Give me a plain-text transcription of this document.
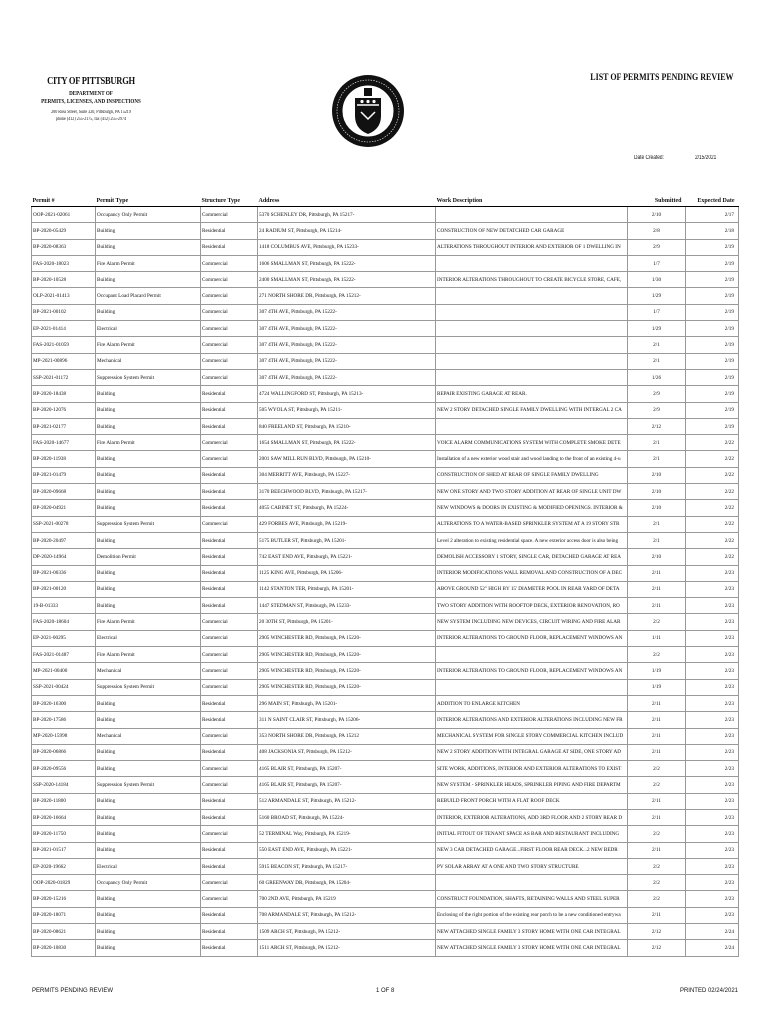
CITY OF PITTSBURGH
DEPARTMENT OF
PERMITS, LICENSES, AND INSPECTIONS
200 Ross Street, Suite 320, Pittsburgh, PA 15219
phone (412) 255-2175, fax (412) 255-2974
LIST OF PERMITS PENDING REVIEW
Date Created:	2/15/2021
Permit #	Permit Type	Structure Type	Address	Work Description	Submitted	Expected Date
OOP-2021-02061	Occupancy Only Permit	Commercial	5370 SCHENLEY DR, Pittsburgh, PA 15217-		2/10	2/17
BP-2020-05429	Building	Residential	24 RADIUM ST, Pittsburgh, PA 15214-	CONSTRUCTION OF NEW DETATCHED CAR GARAGE	2/8	2/18
BP-2020-08363	Building	Residential	1418 COLUMBUS AVE, Pittsburgh, PA 15233-	ALTERATIONS THROUGHOUT INTERIOR AND EXTERIOR OF 1 DWELLING IN	2/9	2/19
FAS-2020-18023	Fire Alarm Permit	Commercial	1606 SMALLMAN ST, Pittsburgh, PA 15222-		1/7	2/19
BP-2020-10528	Building	Commercial	2400 SMALLMAN ST, Pittsburgh, PA 15222-	INTERIOR ALTERATIONS THROUGHOUT TO CREATE BICYCLE STORE, CAFE,	1/30	2/19
OLP-2021-01413	Occupant Load Placard Permit	Commercial	271 NORTH SHORE DR, Pittsburgh, PA 15212-		1/29	2/19
BP-2021-00102	Building	Commercial	307 4TH AVE, Pittsburgh, PA 15222-		1/7	2/19
EP-2021-01414	Electrical	Commercial	307 4TH AVE, Pittsburgh, PA 15222-		1/29	2/19
FAS-2021-01059	Fire Alarm Permit	Commercial	307 4TH AVE, Pittsburgh, PA 15222-		2/1	2/19
MP-2021-00896	Mechanical	Commercial	307 4TH AVE, Pittsburgh, PA 15222-		2/1	2/19
SSP-2021-01172	Suppression System Permit	Commercial	307 4TH AVE, Pittsburgh, PA 15222-		1/26	2/19
BP-2020-18438	Building	Residential	4724 WALLINGFORD ST, Pittsburgh, PA 15213-	REPAIR EXISTING GARAGE AT REAR.	2/9	2/19
BP-2020-12076	Building	Residential	505 WYOLA ST, Pittsburgh, PA 15211-	NEW 2 STORY DETACHED SINGLE FAMILY DWELLING WITH INTERGAL 2 CA	2/9	2/19
BP-2021-02177	Building	Residential	840 FREELAND ST, Pittsburgh, PA 15210-		2/12	2/19
FAS-2020-14677	Fire Alarm Permit	Commercial	1654 SMALLMAN ST, Pittsburgh, PA 15222-	VOICE ALARM COMMUNICATIONS SYSTEM WITH COMPLETE SMOKE DETE	2/1	2/22
BP-2020-11938	Building	Commercial	2001 SAW MILL RUN BLVD, Pittsburgh, PA 15210-	Installation of a new exterior wood stair and wood landing to the front of an existing 4-u	2/1	2/22
BP-2021-01479	Building	Residential	304 MERRITT AVE, Pittsburgh, PA 15227-	CONSTRUCTION OF SHED AT REAR OF SINGLE FAMILY DWELLING	2/10	2/22
BP-2020-09668	Building	Residential	3170 BEECHWOOD BLVD, Pittsburgh, PA 15217-	NEW ONE STORY AND TWO STORY ADDITION AT REAR OF SINGLE UNIT DW	2/10	2/22
BP-2020-04921	Building	Residential	4055 CABINET ST, Pittsburgh, PA 15224-	NEW WINDOWS & DOORS IN EXISTING & MODIFIED OPENINGS. INTERIOR &	2/10	2/22
SSP-2021-00278	Suppression System Permit	Commercial	429 FORBES AVE, Pittsburgh, PA 15219-	ALTERATIONS TO A WATER-BASED SPRINKLER SYSTEM AT A 19 STORY STR	2/1	2/22
BP-2020-20497	Building	Residential	5175 BUTLER ST, Pittsburgh, PA 15201-	Level 2 alteration to existing residential space. A new exterior access door is also being	2/1	2/22
DP-2020-14964	Demolition Permit	Residential	742 EAST END AVE, Pittsburgh, PA 15221-	DEMOLISH ACCESSORY 1 STORY, SINGLE CAR, DETACHED GARAGE AT REA	2/10	2/22
BP-2021-00336	Building	Residential	1125 KING AVE, Pittsburgh, PA 15206-	INTERIOR MODIFICATIONS WALL REMOVAL AND CONSTRUCTION OF A DEC	2/11	2/23
BP-2021-00120	Building	Residential	1142 STANTON TER, Pittsburgh, PA 15201-	ABOVE GROUND 52" HIGH BY 15' DIAMETER POOL IN REAR YARD OF DETA	2/11	2/23
19-B-01333	Building	Residential	1447 STEDMAN ST, Pittsburgh, PA 15233-	TWO STORY ADDITION WITH ROOFTOP DECK, EXTERIOR RENOVATION, RO	2/11	2/23
FAS-2020-18604	Fire Alarm Permit	Commercial	20 30TH ST, Pittsburgh, PA 15201-	NEW SYSTEM INCLUDING NEW DEVICES, CIRCUIT WIRING AND FIRE ALAR	2/2	2/23
EP-2021-00295	Electrical	Commercial	2905 WINCHESTER RD, Pittsburgh, PA 15220-	INTERIOR ALTERATIONS TO GROUND FLOOR, REPLACEMENT WINDOWS AN	1/11	2/23
FAS-2021-01487	Fire Alarm Permit	Commercial	2905 WINCHESTER RD, Pittsburgh, PA 15220-		2/2	2/23
MP-2021-00400	Mechanical	Commercial	2905 WINCHESTER RD, Pittsburgh, PA 15220-	INTERIOR ALTERATIONS TO GROUND FLOOR, REPLACEMENT WINDOWS AN	1/19	2/23
SSP-2021-00424	Suppression System Permit	Commercial	2905 WINCHESTER RD, Pittsburgh, PA 15220-		1/19	2/23
BP-2020-16300	Building	Residential	296 MAIN ST, Pittsburgh, PA 15201-	ADDITION TO ENLARGE KITCHEN	2/11	2/23
BP-2020-17586	Building	Residential	311 N SAINT CLAIR ST, Pittsburgh, PA 15206-	INTERIOR ALTERATIONS AND EXTERIOR ALTERATIONS INCLUDING NEW FR	2/11	2/23
MP-2020-15998	Mechanical	Commercial	353 NORTH SHORE DR, Pittsburgh, PA 15212	MECHANICAL SYSTEM FOR SINGLE STORY COMMERCIAL KITCHEN INCLUD	2/11	2/23
BP-2020-06866	Building	Residential	408 JACKSONIA ST, Pittsburgh, PA 15212-	NEW 2 STORY ADDITION WITH INTEGRAL GARAGE AT SIDE, ONE STORY AD	2/11	2/23
BP-2020-09556	Building	Commercial	4165 BLAIR ST, Pittsburgh, PA 15207-	SITE WORK, ADDITIONS, INTERIOR AND EXTERIOR ALTERATIONS TO EXIST	2/2	2/23
SSP-2020-14184	Suppression System Permit	Commercial	4165 BLAIR ST, Pittsburgh, PA 15207-	NEW SYSTEM - SPRINKLER HEADS, SPRINKLER PIPING AND FIRE DEPARTM	2/2	2/23
BP-2020-11800	Building	Residential	512 ARMANDALE ST, Pittsburgh, PA 15212-	REBUILD FRONT PORCH WITH A FLAT ROOF DECK	2/11	2/23
BP-2020-16664	Building	Residential	5160 BROAD ST, Pittsburgh, PA 15224-	INTERIOR, EXTERIOR ALTERATIONS, ADD 3RD FLOOR AND 2 STORY REAR D	2/11	2/23
BP-2020-11750	Building	Commercial	52 TERMINAL Way, Pittsburgh, PA 15219-	INITIAL FITOUT OF TENANT SPACE AS BAR AND RESTAURANT INCLUDING	2/2	2/23
BP-2021-01517	Building	Residential	550 EAST END AVE, Pittsburgh, PA 15221-	NEW 3 CAR DETACHED GARAGE...FIRST FLOOR REAR DECK...2 NEW BEDR	2/11	2/23
EP-2020-19662	Electrical	Residential	5915 BEACON ST, Pittsburgh, PA 15217-	PV SOLAR ARRAY AT A ONE AND TWO STORY STRUCTURE	2/2	2/23
OOP-2020-01829	Occupancy Only Permit	Commercial	60 GREENWAY DR, Pittsburgh, PA 15204-		2/2	2/23
BP-2020-15216	Building	Commercial	700 2ND AVE, Pittsburgh, PA 15219	CONSTRUCT FOUNDATION, SHAFTS, RETAINING WALLS AND STEEL SUPER	2/2	2/23
BP-2020-18071	Building	Residential	708 ARMANDALE ST, Pittsburgh, PA 15212-	Enclosing of the right portion of the existing rear porch to be a new conditioned entrywa	2/11	2/23
BP-2020-08621	Building	Residential	1509 ARCH ST, Pittsburgh, PA 15212-	NEW ATTACHED SINGLE FAMILY 3 STORY HOME WITH ONE CAR INTEGRAL	2/12	2/24
BP-2020-10830	Building	Residential	1511 ARCH ST, Pittsburgh, PA 15212-	NEW ATTACHED SINGLE FAMILY 3 STORY HOME WITH ONE CAR INTEGRAL	2/12	2/24
PERMITS PENDING REVIEW	1 OF 8	PRINTED 02/24/2021
